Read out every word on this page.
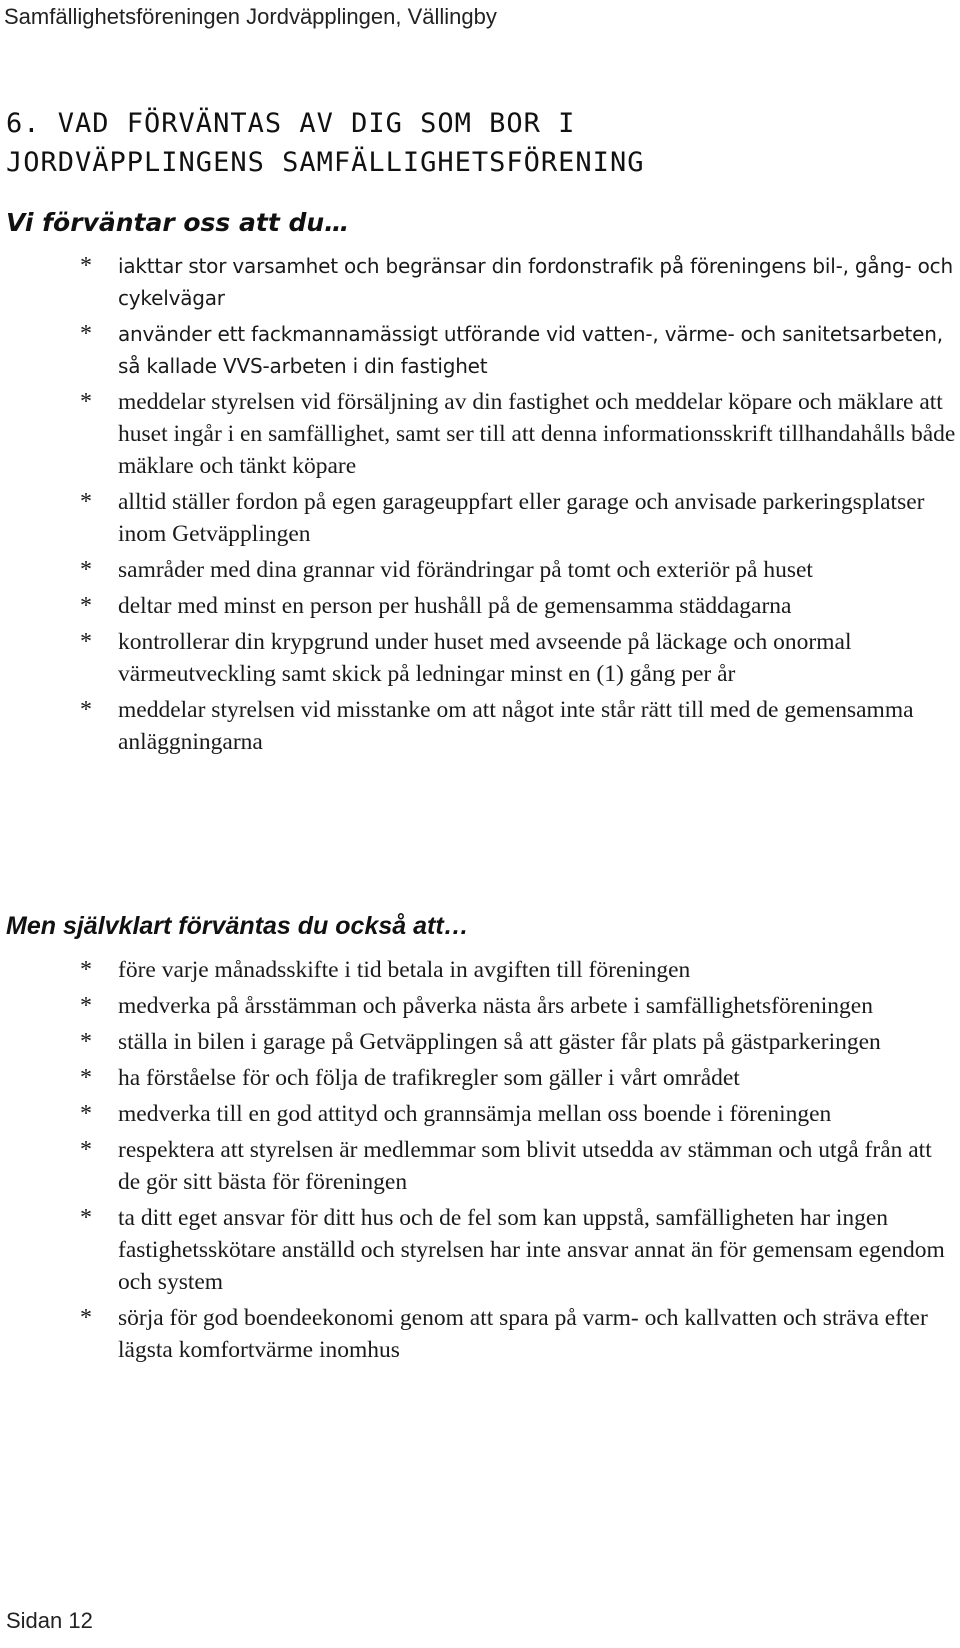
Samfällighetsföreningen Jordväpplingen, Vällingby
6. VAD FÖRVÄNTAS AV DIG SOM BOR I
JORDVÄPPLINGENS SAMFÄLLIGHETSFÖRENING
Vi förväntar oss att du…
* iakttar stor varsamhet och begränsar din fordonstrafik på föreningens bil-, gång- och cykelvägar
* använder ett fackmannamässigt utförande vid vatten-, värme- och sanitetsarbeten, så kallade VVS-arbeten i din fastighet
* meddelar styrelsen vid försäljning av din fastighet och meddelar köpare och mäklare att huset ingår i en samfällighet, samt ser till att denna informationsskrift tillhandahålls både mäklare och tänkt köpare
* alltid ställer fordon på egen garageuppfart eller garage och anvisade parkeringsplatser inom Getväpplingen
* samråder med dina grannar vid förändringar på tomt och exteriör på huset
* deltar med minst en person per hushåll på de gemensamma städdagarna
* kontrollerar din krypgrund under huset med avseende på läckage och onormal värmeutveckling samt skick på ledningar minst en (1) gång per år
* meddelar styrelsen vid misstanke om att något inte står rätt till med de gemensamma anläggningarna
Men självklart förväntas du också att…
* före varje månadsskifte i tid betala in avgiften till föreningen
* medverka på årsstämman och påverka nästa års arbete i samfällighetsföreningen
* ställa in bilen i garage på Getväpplingen så att gäster får plats på gästparkeringen
* ha förståelse för och följa de trafikregler som gäller i vårt området
* medverka till en god attityd och grannsämja mellan oss boende i föreningen
* respektera att styrelsen är medlemmar som blivit utsedda av stämman och utgå från att de gör sitt bästa för föreningen
* ta ditt eget ansvar för ditt hus och de fel som kan uppstå, samfälligheten har ingen fastighetsskötare anställd och styrelsen har inte ansvar annat än för gemensam egendom och system
* sörja för god boendeekonomi genom att spara på varm- och kallvatten och sträva efter lägsta komfortvärme inomhus
Sidan 12
